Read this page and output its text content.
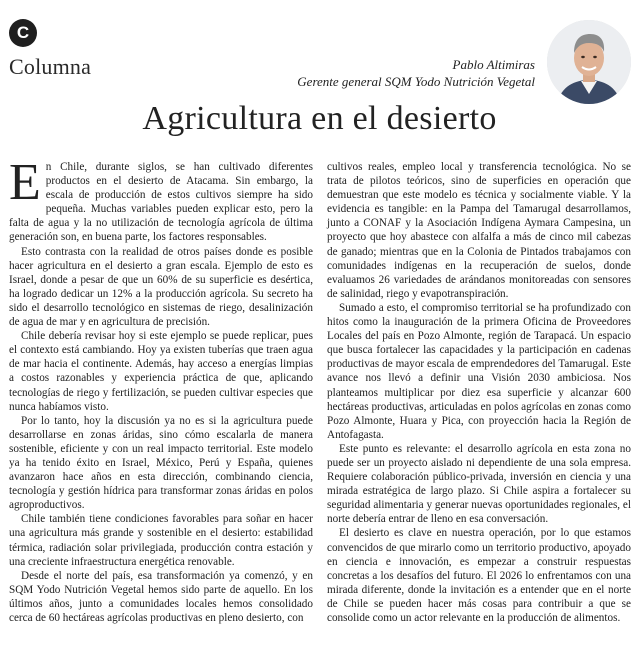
C
Columna	Pablo Altimiras
Gerente general SQM Yodo Nutrición Vegetal
Agricultura en el desierto

En Chile, durante siglos, se han cultivado diferentes productos en el desierto de Atacama. Sin embargo, la escala de producción de estos cultivos siempre ha sido pequeña. Muchas variables pueden explicar esto, pero la falta de agua y la no utilización de tecnología agrícola de última generación son, en buena parte, los factores responsables.

Esto contrasta con la realidad de otros países donde es posible hacer agricultura en el desierto a gran escala. Ejemplo de esto es Israel, donde a pesar de que un 60% de su superficie es desértica, ha logrado dedicar un 12% a la producción agrícola. Su secreto ha sido el desarrollo tecnológico en sistemas de riego, desalinización de agua de mar y en agricultura de precisión.

Chile debería revisar hoy si este ejemplo se puede replicar, pues el contexto está cambiando. Hoy ya existen tuberías que traen agua de mar hacia el continente. Además, hay acceso a energías limpias a costos razonables y experiencia práctica de que, aplicando tecnologías de riego y fertilización, se pueden cultivar especies que nunca habíamos visto.

Por lo tanto, hoy la discusión ya no es si la agricultura puede desarrollarse en zonas áridas, sino cómo escalarla de manera sostenible, eficiente y con un real impacto territorial. Este modelo ya ha tenido éxito en Israel, México, Perú y España, quienes avanzaron hace años en esta dirección, combinando ciencia, tecnología y gestión hídrica para transformar zonas áridas en polos agroproductivos.

Chile también tiene condiciones favorables para soñar en hacer una agricultura más grande y sostenible en el desierto: estabilidad térmica, radiación solar privilegiada, producción contra estación y una creciente infraestructura energética renovable.

Desde el norte del país, esa transformación ya comenzó, y en SQM Yodo Nutrición Vegetal hemos sido parte de aquello. En los últimos años, junto a comunidades locales hemos consolidado cerca de 60 hectáreas agrícolas productivas en pleno desierto, con

cultivos reales, empleo local y transferencia tecnológica. No se trata de pilotos teóricos, sino de superficies en operación que demuestran que este modelo es técnica y socialmente viable. Y la evidencia es tangible: en la Pampa del Tamarugal desarrollamos, junto a CONAF y la Asociación Indígena Aymara Campesina, un proyecto que hoy abastece con alfalfa a más de cinco mil cabezas de ganado; mientras que en la Colonia de Pintados trabajamos con comunidades indígenas en la recuperación de suelos, donde evaluamos 26 variedades de arándanos monitoreadas con sensores de salinidad, riego y evapotranspiración.

Sumado a esto, el compromiso territorial se ha profundizado con hitos como la inauguración de la primera Oficina de Proveedores Locales del país en Pozo Almonte, región de Tarapacá. Un espacio que busca fortalecer las capacidades y la participación en cadenas productivas de mayor escala de emprendedores del Tamarugal. Este avance nos llevó a definir una Visión 2030 ambiciosa. Nos planteamos multiplicar por diez esa superficie y alcanzar 600 hectáreas productivas, articuladas en polos agrícolas en zonas como Pozo Almonte, Huara y Pica, con proyección hacia la Región de Antofagasta.

Este punto es relevante: el desarrollo agrícola en esta zona no puede ser un proyecto aislado ni dependiente de una sola empresa. Requiere colaboración público-privada, inversión en ciencia y una mirada estratégica de largo plazo. Si Chile aspira a fortalecer su seguridad alimentaria y generar nuevas oportunidades regionales, el norte debería entrar de lleno en esa conversación.

El desierto es clave en nuestra operación, por lo que estamos convencidos de que mirarlo como un territorio productivo, apoyado en ciencia e innovación, es empezar a construir respuestas concretas a los desafíos del futuro. El 2026 lo enfrentamos con una mirada diferente, donde la invitación es a entender que en el norte de Chile se pueden hacer más cosas para contribuir a que se consolide como un actor relevante en la producción de alimentos.
